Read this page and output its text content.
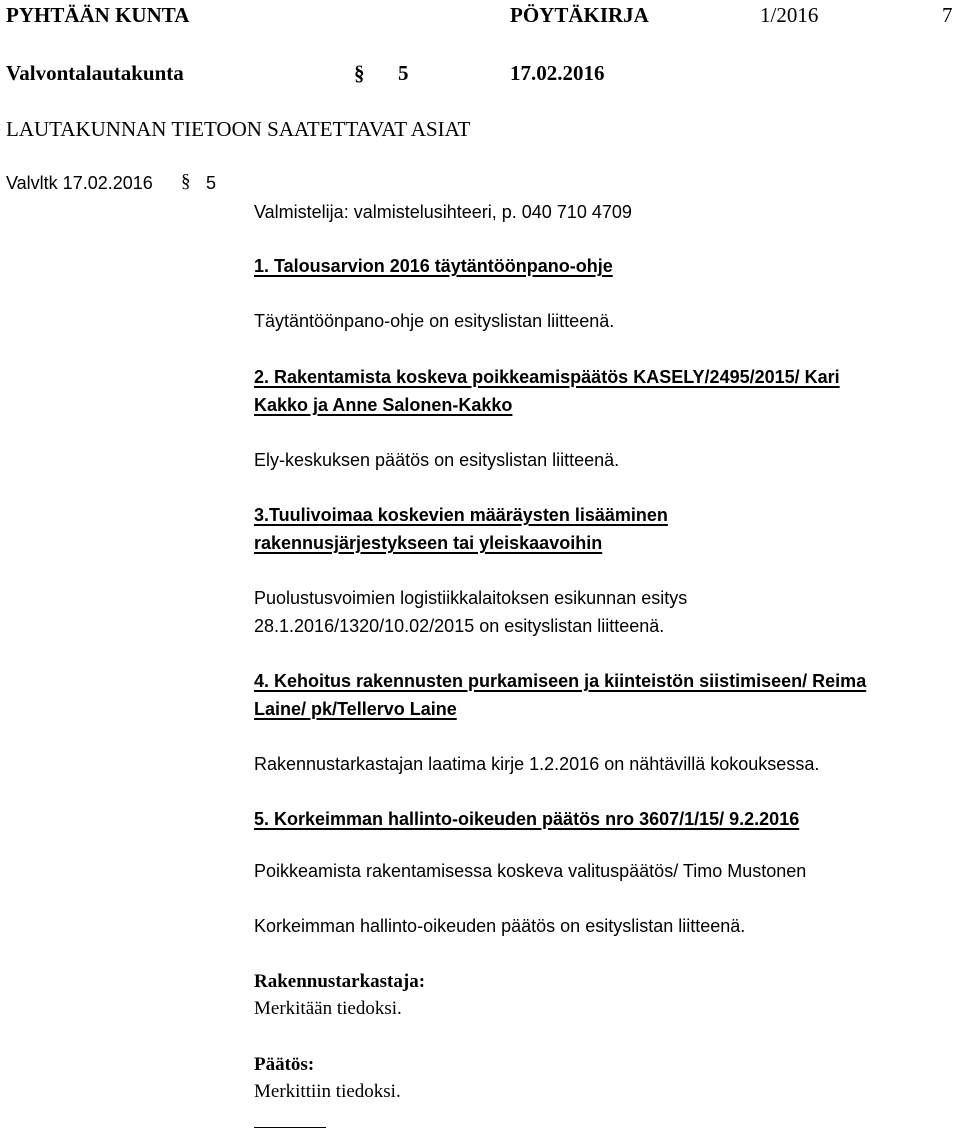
PYHTÄÄN KUNTA	PÖYTÄKIRJA	1/2016	7
Valvontalautakunta	§ 5	17.02.2016
LAUTAKUNNAN TIETOON SAATETTAVAT ASIAT
Valvltk 17.02.2016 § 5
Valmistelija: valmistelusihteeri, p. 040 710 4709
1. Talousarvion 2016 täytäntöönpano-ohje
Täytäntöönpano-ohje on esityslistan liitteenä.
2. Rakentamista koskeva poikkeamispäätös KASELY/2495/2015/ Kari
Kakko ja Anne Salonen-Kakko
Ely-keskuksen päätös on esityslistan liitteenä.
3.Tuulivoimaa koskevien määräysten lisääminen
rakennusjärjestykseen tai yleiskaavoihin
Puolustusvoimien logistiikkalaitoksen esikunnan esitys
28.1.2016/1320/10.02/2015 on esityslistan liitteenä.
4. Kehoitus rakennusten purkamiseen ja kiinteistön siistimiseen/ Reima
Laine/ pk/Tellervo Laine
Rakennustarkastajan laatima kirje 1.2.2016 on nähtävillä kokouksessa.
5. Korkeimman hallinto-oikeuden päätös nro 3607/1/15/ 9.2.2016
Poikkeamista rakentamisessa koskeva valituspäätös/ Timo Mustonen
Korkeimman hallinto-oikeuden päätös on esityslistan liitteenä.
Rakennustarkastaja:
Merkitään tiedoksi.
Päätös:
Merkittiin tiedoksi.
